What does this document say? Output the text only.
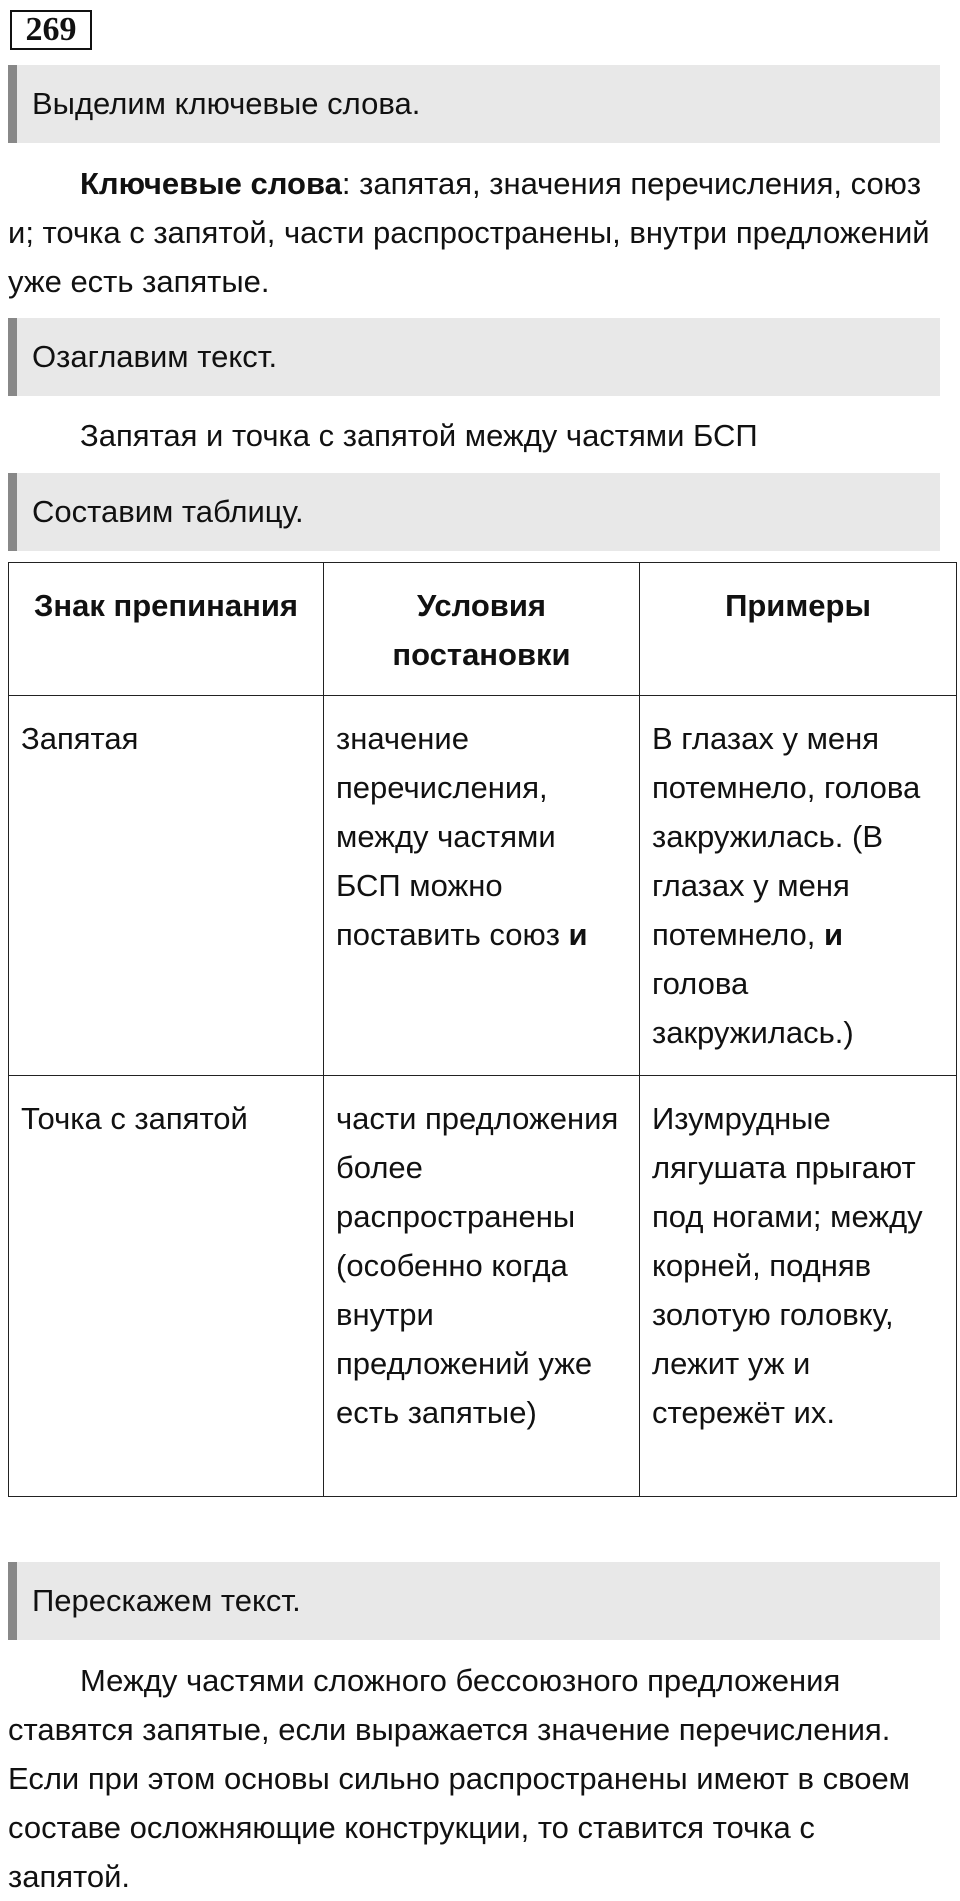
269
Выделим ключевые слова.
Ключевые слова: запятая, значения перечисления, союз и; точка с запятой, части распространены, внутри предложений уже есть запятые.
Озаглавим текст.
Запятая и точка с запятой между частями БСП
Составим таблицу.
Знак препинания	Условия постановки	Примеры
Запятая	значение перечисления, между частями БСП можно поставить союз и	В глазах у меня потемнело, голова закружилась. (В глазах у меня потемнело, и голова закружилась.)
Точка с запятой	части предложения более распространены (особенно когда внутри предложений уже есть запятые)	Изумрудные лягушата прыгают под ногами; между корней, подняв золотую головку, лежит уж и стережёт их.
Перескажем текст.
Между частями сложного бессоюзного предложения ставятся запятые, если выражается значение перечисления. Если при этом основы сильно распространены имеют в своем составе осложняющие конструкции, то ставится точка с запятой.
